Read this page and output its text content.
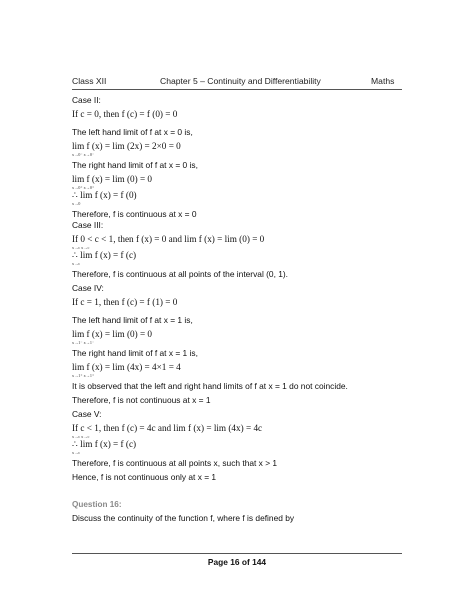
Class XII	Chapter 5 – Continuity and Differentiability	Maths
Case II:
If c = 0, then f (c) = f (0) = 0
The left hand limit of f at x = 0 is,
lim f (x) = lim (2x) = 2×0 = 0
x→0⁻ x→0⁻
The right hand limit of f at x = 0 is,
lim f (x) = lim (0) = 0
x→0⁺ x→0⁺
∴ lim f (x) = f (0)
x→0
Therefore, f is continuous at x = 0
Case III:
If 0 < c < 1, then f (x) = 0 and lim f (x) = lim (0) = 0
x→c x→c
∴ lim f (x) = f (c)
x→c
Therefore, f is continuous at all points of the interval (0, 1).
Case IV:
If c = 1, then f (c) = f (1) = 0
The left hand limit of f at x = 1 is,
lim f (x) = lim (0) = 0
x→1⁻ x→1⁻
The right hand limit of f at x = 1 is,
lim f (x) = lim (4x) = 4×1 = 4
x→1⁺ x→1⁺
It is observed that the left and right hand limits of f at x = 1 do not coincide.
Therefore, f is not continuous at x = 1
Case V:
If c < 1, then f (c) = 4c and lim f (x) = lim (4x) = 4c
x→c x→c
∴ lim f (x) = f (c)
x→c
Therefore, f is continuous at all points x, such that x > 1
Hence, f is not continuous only at x = 1
Question 16:
Discuss the continuity of the function f, where f is defined by
Page 16 of 144
